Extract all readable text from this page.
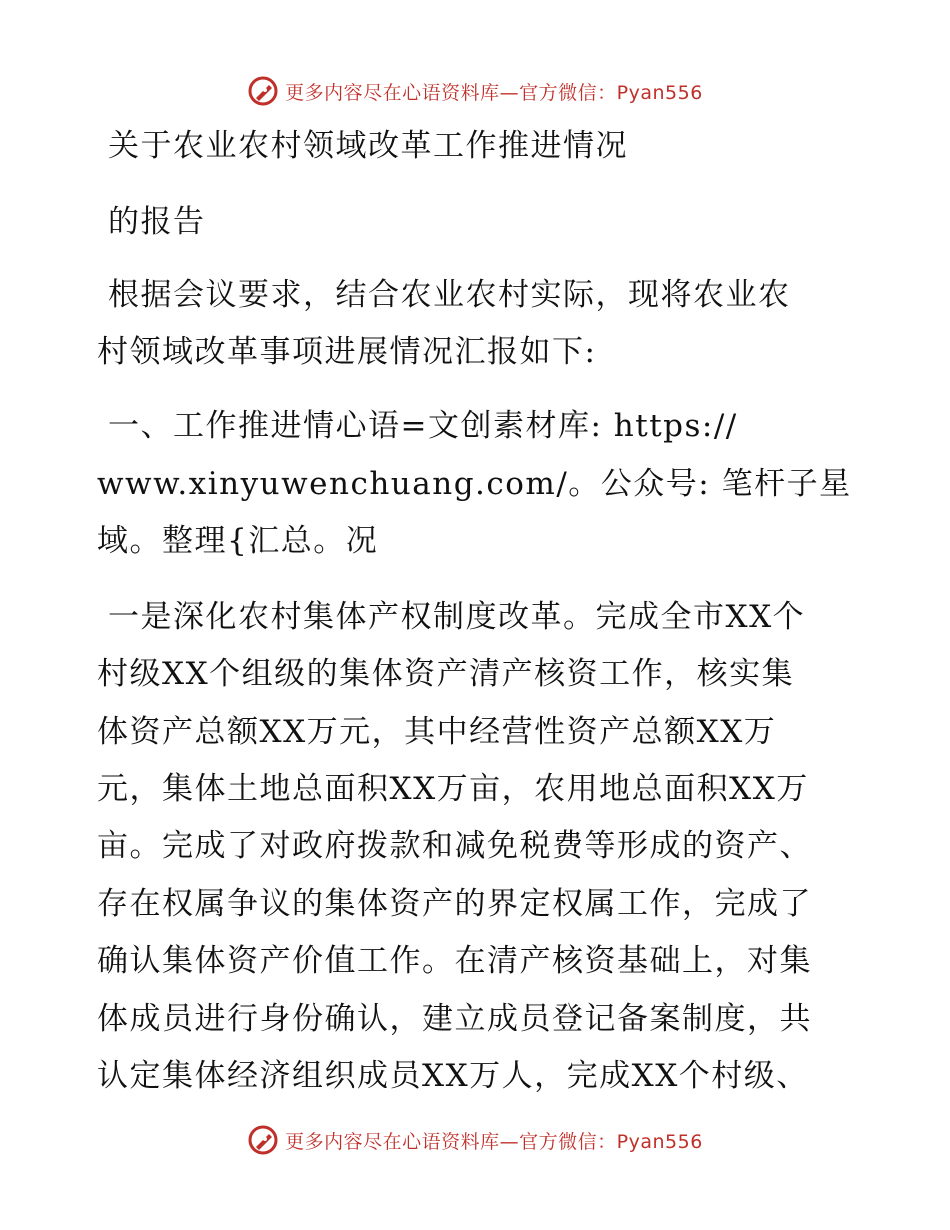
更多内容尽在心语资料库—官方微信：Pyan556

关于农业农村领域改革工作推进情况

的报告

根据会议要求，结合农业农村实际，现将农业农

村领域改革事项进展情况汇报如下:

一、工作推进情心语=文创素材库: https://

www.xinyuwenchuang.com/。公众号: 笔杆子星

域。整理{汇总。况

一是深化农村集体产权制度改革。完成全市XX个

村级XX个组级的集体资产清产核资工作，核实集

体资产总额XX万元，其中经营性资产总额XX万

元，集体土地总面积XX万亩，农用地总面积XX万

亩。完成了对政府拨款和减免税费等形成的资产、

存在权属争议的集体资产的界定权属工作，完成了

确认集体资产价值工作。在清产核资基础上，对集

体成员进行身份确认，建立成员登记备案制度，共

认定集体经济组织成员XX万人，完成XX个村级、

更多内容尽在心语资料库—官方微信：Pyan556
